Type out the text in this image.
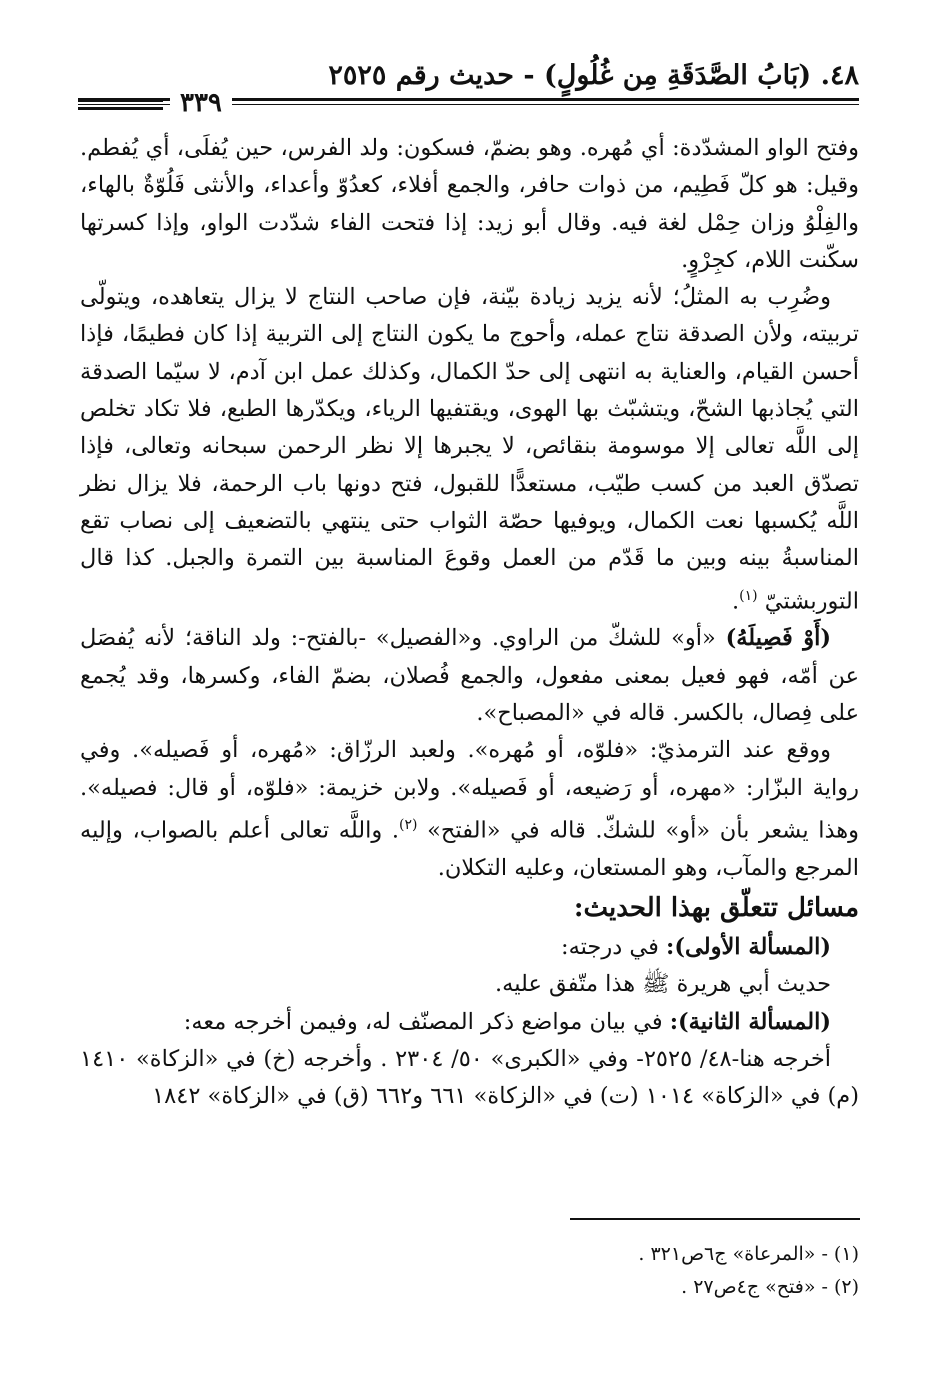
٤٨. (بَابُ الصَّدَقَةِ مِن غُلُولٍ) - حديث رقم ٢٥٢٥
٣٣٩

وفتح الواو المشدّدة: أي مُهره. وهو بضمّ، فسكون: ولد الفرس، حين يُفلَى، أي يُفطم. وقيل: هو كلّ فَطِيم، من ذوات حافر، والجمع أفلاء، كعدُوّ وأعداء، والأنثى فَلُوّةٌ بالهاء، والفِلْوُ وزان حِمْل لغة فيه. وقال أبو زيد: إذا فتحت الفاء شدّدت الواو، وإذا كسرتها سكّنت اللام، كجِرْوٍ.

وضُرِب به المثلُ؛ لأنه يزيد زيادة بيّنة، فإن صاحب النتاج لا يزال يتعاهده، ويتولّى تربيته، ولأن الصدقة نتاج عمله، وأحوج ما يكون النتاج إلى التربية إذا كان فطيمًا، فإذا أحسن القيام، والعناية به انتهى إلى حدّ الكمال، وكذلك عمل ابن آدم، لا سيّما الصدقة التي يُجاذبها الشحّ، ويتشبّث بها الهوى، ويقتفيها الرياء، ويكدّرها الطبع، فلا تكاد تخلص إلى اللَّه تعالى إلا موسومة بنقائص، لا يجبرها إلا نظر الرحمن سبحانه وتعالى، فإذا تصدّق العبد من كسب طيّب، مستعدًّا للقبول، فتح دونها باب الرحمة، فلا يزال نظر اللَّه يُكسبها نعت الكمال، ويوفيها حصّة الثواب حتى ينتهي بالتضعيف إلى نصاب تقع المناسبةُ بينه وبين ما قَدّم من العمل وقوعَ المناسبة بين التمرة والجبل. كذا قال التوربشتيّ $^{(١)}$.

(أَوْ فَصِيلَهُ) «أو» للشكّ من الراوي. و«الفصيل» -بالفتح-: ولد الناقة؛ لأنه يُفصَل عن أمّه، فهو فعيل بمعنى مفعول، والجمع فُصلان، بضمّ الفاء، وكسرها، وقد يُجمع على فِصال، بالكسر. قاله في «المصباح».

ووقع عند الترمذيّ: «فلوّه، أو مُهره». ولعبد الرزّاق: «مُهره، أو فَصيله». وفي رواية البزّار: «مهره، أو رَضيعه، أو فَصيله». ولابن خزيمة: «فلوّه، أو قال: فصيله». وهذا يشعر بأن «أو» للشكّ. قاله في «الفتح» $^{(٢)}$. واللَّه تعالى أعلم بالصواب، وإليه المرجع والمآب، وهو المستعان، وعليه التكلان.

مسائل تتعلّق بهذا الحديث:

(المسألة الأولى): في درجته:

حديث أبي هريرة ﷺ هذا متّفق عليه.

(المسألة الثانية): في بيان مواضع ذكر المصنّف له، وفيمن أخرجه معه:

أخرجه هنا-٤٨/ ٢٥٢٥- وفي «الكبرى» ٥٠/ ٢٣٠٤ . وأخرجه (خ) في «الزكاة» ١٤١٠ (م) في «الزكاة» ١٠١٤ (ت) في «الزكاة» ٦٦١ و٦٦٢ (ق) في «الزكاة» ١٨٤٢

(١) - «المرعاة» ج٦ص٣٢١ .
(٢) - «فتح» ج٤ص٢٧ .
